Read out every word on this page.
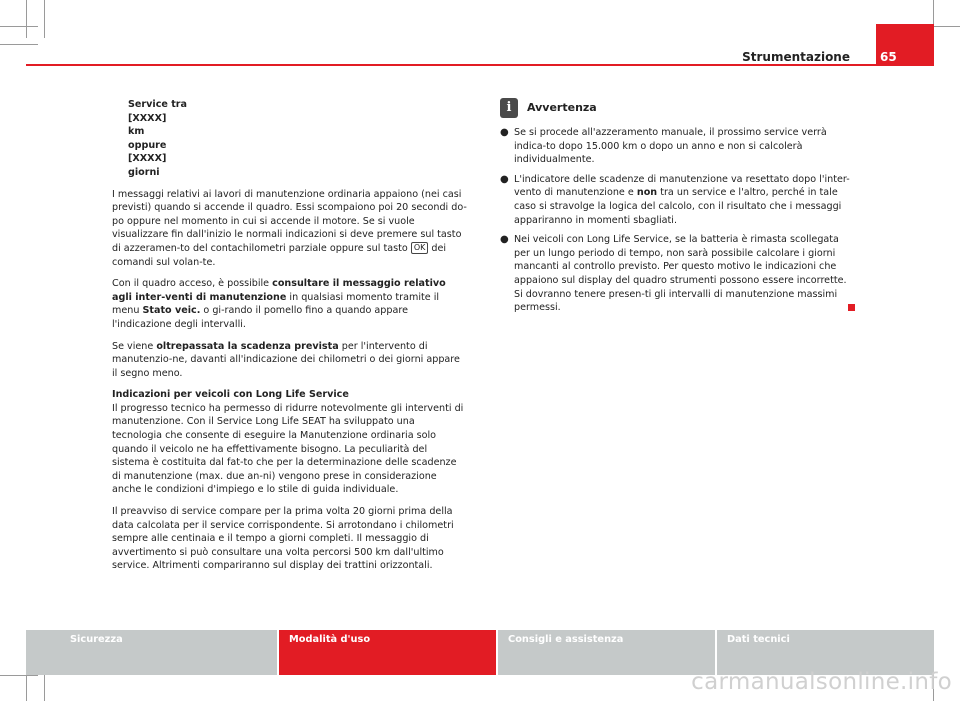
Strumentazione	65
Service tra
[XXXX]
km
oppure
[XXXX]
giorni

I messaggi relativi ai lavori di manutenzione ordinaria appaiono (nei casi previsti) quando si accende il quadro. Essi scompaiono poi 20 secondi do-po oppure nel momento in cui si accende il motore. Se si vuole visualizzare fin dall'inizio le normali indicazioni si deve premere sul tasto di azzeramen-to del contachilometri parziale oppure sul tasto OK dei comandi sul volan-te.

Con il quadro acceso, è possibile consultare il messaggio relativo agli inter-venti di manutenzione in qualsiasi momento tramite il menu Stato veic. o gi-rando il pomello fino a quando appare l'indicazione degli intervalli.

Se viene oltrepassata la scadenza prevista per l'intervento di manutenzio-ne, davanti all'indicazione dei chilometri o dei giorni appare il segno meno.

Indicazioni per veicoli con Long Life Service

Il progresso tecnico ha permesso di ridurre notevolmente gli interventi di manutenzione. Con il Service Long Life SEAT ha sviluppato una tecnologia che consente di eseguire la Manutenzione ordinaria solo quando il veicolo ne ha effettivamente bisogno. La peculiarità del sistema è costituita dal fat-to che per la determinazione delle scadenze di manutenzione (max. due an-ni) vengono prese in considerazione anche le condizioni d'impiego e lo stile di guida individuale.

Il preavviso di service compare per la prima volta 20 giorni prima della data calcolata per il service corrispondente. Si arrotondano i chilometri sempre alle centinaia e il tempo a giorni completi. Il messaggio di avvertimento si può consultare una volta percorsi 500 km dall'ultimo service. Altrimenti compariranno sul display dei trattini orizzontali.

i Avvertenza
● Se si procede all'azzeramento manuale, il prossimo service verrà indica-to dopo 15.000 km o dopo un anno e non si calcolerà individualmente.
● L'indicatore delle scadenze di manutenzione va resettato dopo l'inter-vento di manutenzione e non tra un service e l'altro, perché in tale caso si stravolge la logica del calcolo, con il risultato che i messaggi appariranno in momenti sbagliati.
● Nei veicoli con Long Life Service, se la batteria è rimasta scollegata per un lungo periodo di tempo, non sarà possibile calcolare i giorni mancanti al controllo previsto. Per questo motivo le indicazioni che appaiono sul display del quadro strumenti possono essere incorrette. Si dovranno tenere presen-ti gli intervalli di manutenzione massimi permessi.
Sicurezza	Modalità d'uso	Consigli e assistenza	Dati tecnici
carmanualsonline.info
